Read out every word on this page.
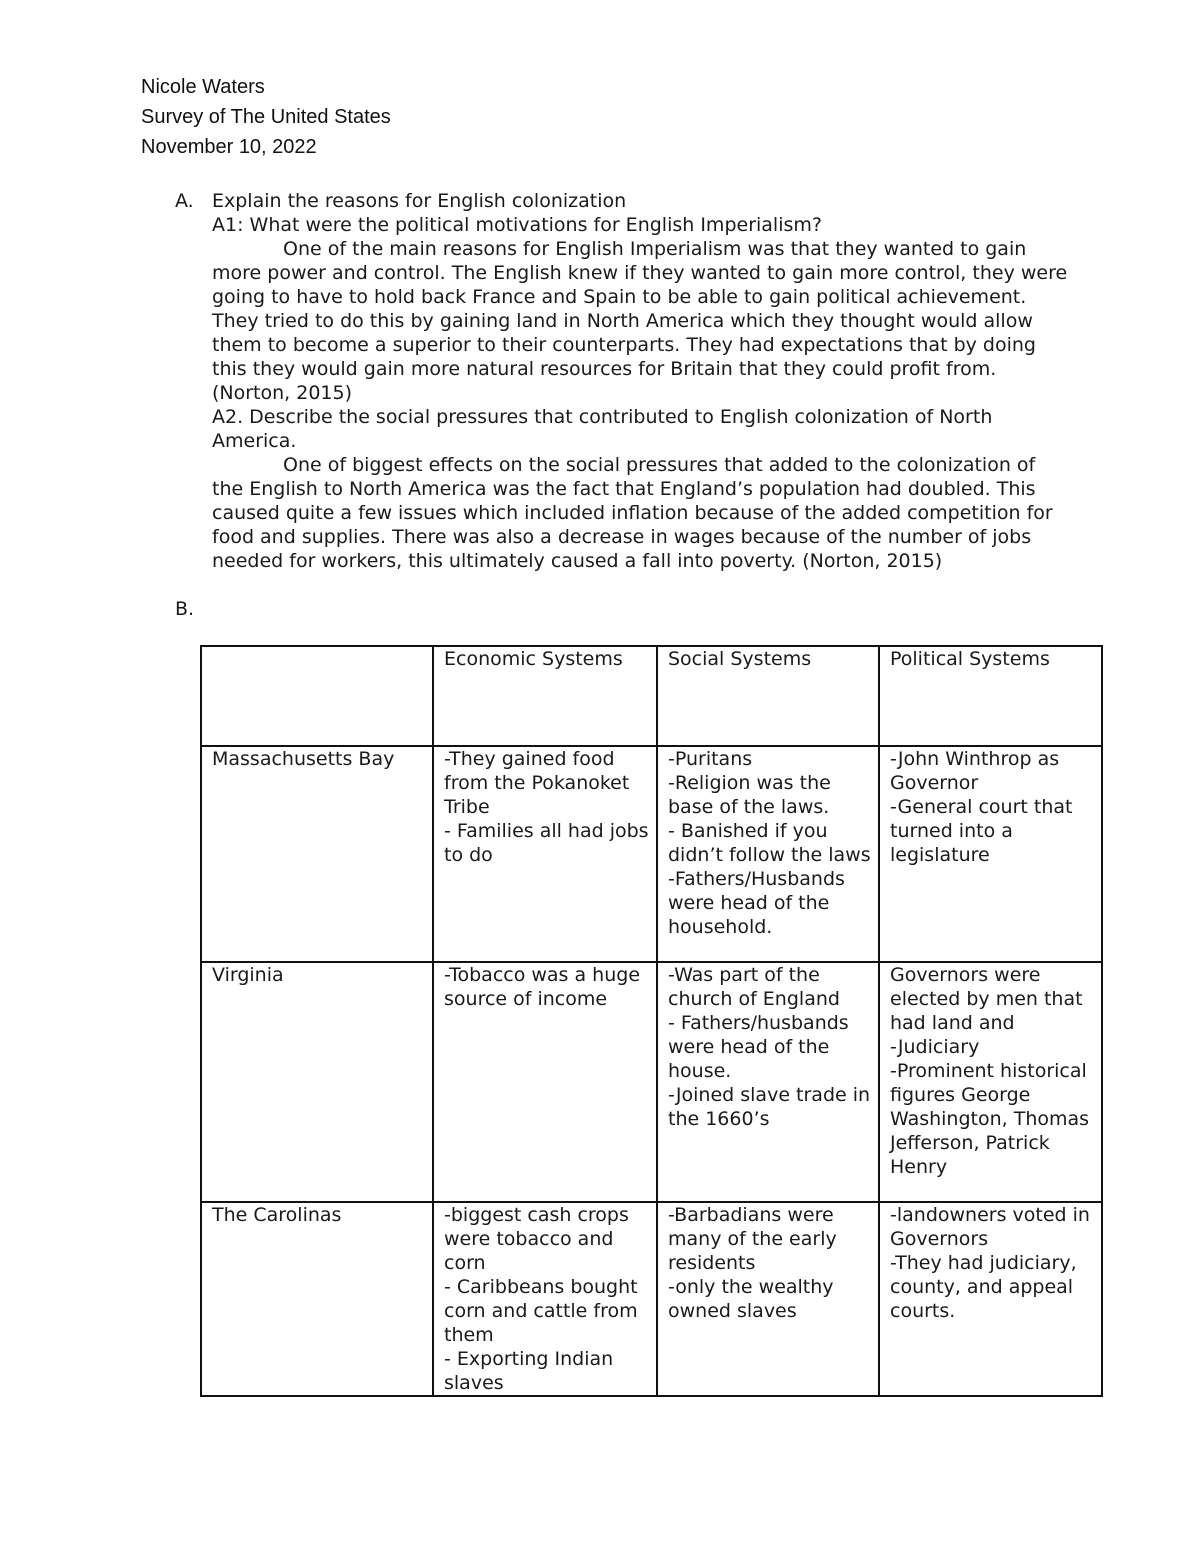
Nicole Waters
Survey of The United States
November 10, 2022
A. Explain the reasons for English colonization

A1: What were the political motivations for English Imperialism?

One of the main reasons for English Imperialism was that they wanted to gain more power and control. The English knew if they wanted to gain more control, they were going to have to hold back France and Spain to be able to gain political achievement. They tried to do this by gaining land in North America which they thought would allow them to become a superior to their counterparts. They had expectations that by doing this they would gain more natural resources for Britain that they could profit from. (Norton, 2015)

A2. Describe the social pressures that contributed to English colonization of North America.

One of biggest effects on the social pressures that added to the colonization of the English to North America was the fact that England’s population had doubled. This caused quite a few issues which included inflation because of the added competition for food and supplies. There was also a decrease in wages because of the number of jobs needed for workers, this ultimately caused a fall into poverty. (Norton, 2015)

B.
	Economic Systems	Social Systems	Political Systems
Massachusetts Bay	-They gained food from the Pokanoket Tribe
- Families all had jobs to do	-Puritans
-Religion was the base of the laws.
- Banished if you didn’t follow the laws
-Fathers/Husbands were head of the household.	-John Winthrop as Governor
-General court that turned into a legislature

Virginia	-Tobacco was a huge source of income	-Was part of the church of England
- Fathers/husbands were head of the house.
-Joined slave trade in the 1660’s	Governors were elected by men that had land and
-Judiciary
-Prominent historical figures George Washington, Thomas Jefferson, Patrick Henry

The Carolinas	-biggest cash crops were tobacco and corn
- Caribbeans bought corn and cattle from them
- Exporting Indian slaves	-Barbadians were many of the early residents
-only the wealthy owned slaves	-landowners voted in Governors
-They had judiciary, county, and appeal courts.
